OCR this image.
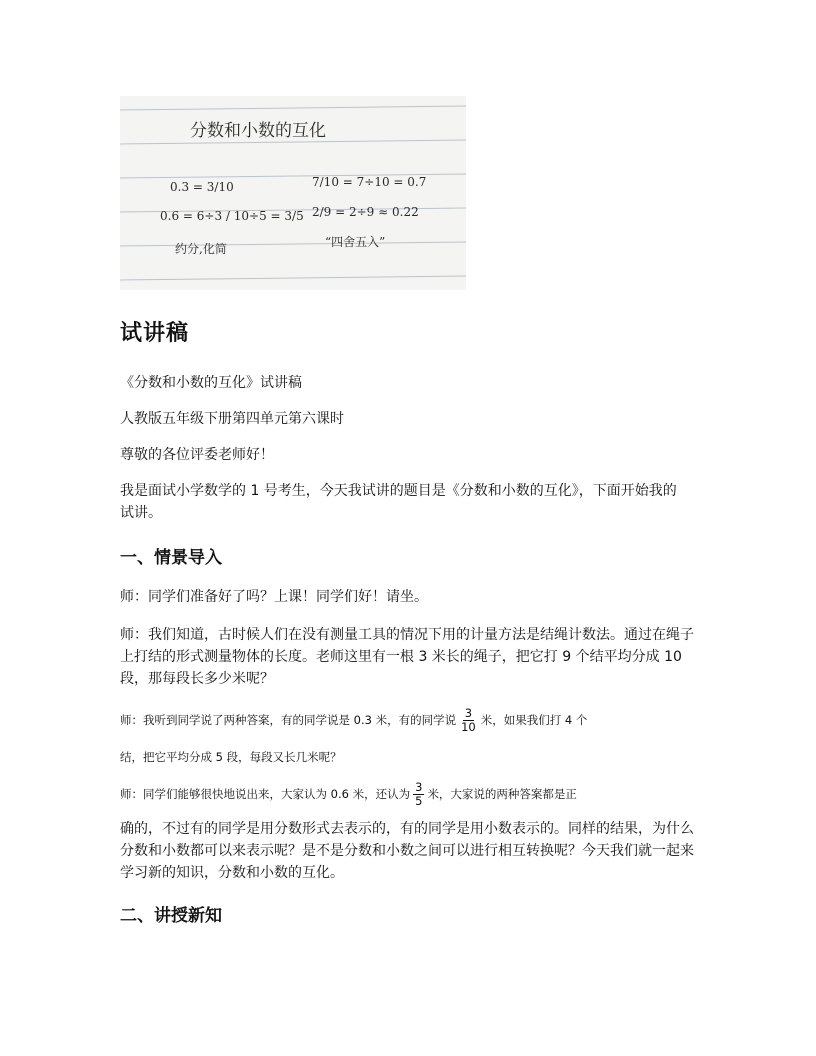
分数和小数的互化
0.3 = 3/10
0.6 = 6÷3 / 10÷5 = 3/5
约分,化简
7/10 = 7÷10 = 0.7
2/9 = 2÷9 ≈ 0.22
“四舍五入”
试讲稿

《分数和小数的互化》试讲稿

人教版五年级下册第四单元第六课时

尊敬的各位评委老师好！

我是面试小学数学的 1 号考生，今天我试讲的题目是《分数和小数的互化》，下面开始我的试讲。

一、情景导入

师：同学们准备好了吗？上课！同学们好！请坐。

师：我们知道，古时候人们在没有测量工具的情况下用的计量方法是结绳计数法。通过在绳子上打结的形式测量物体的长度。老师这里有一根 3 米长的绳子，把它打 9 个结平均分成 10 段，那每段长多少米呢？

师：我听到同学说了两种答案，有的同学说是 0.3 米，有的同学说 $\frac{3}{10}$ 米，如果我们打 4 个
结，把它平均分成 5 段，每段又长几米呢？
师：同学们能够很快地说出来，大家认为 0.6 米，还认为 $\frac{3}{5}$ 米，大家说的两种答案都是正

确的，不过有的同学是用分数形式去表示的，有的同学是用小数表示的。同样的结果，为什么分数和小数都可以来表示呢？是不是分数和小数之间可以进行相互转换呢？今天我们就一起来学习新的知识，分数和小数的互化。

二、讲授新知
